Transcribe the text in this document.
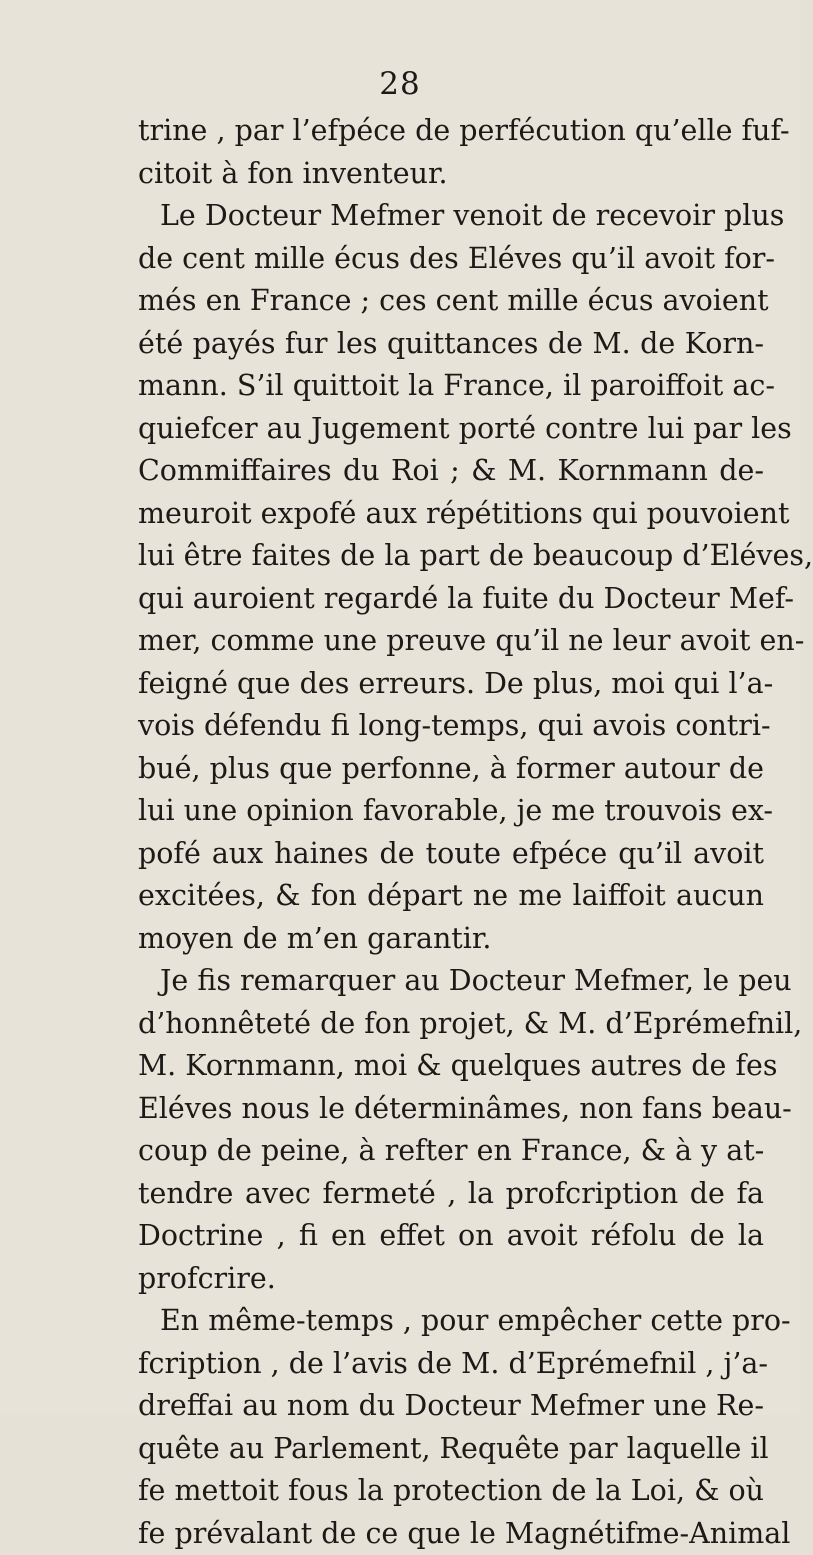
28
trine , par l’efpéce de perfécution qu’elle fuf-
citoit à fon inventeur.
Le Docteur Mefmer venoit de recevoir plus
de cent mille écus des Eléves qu’il avoit for-
més en France ; ces cent mille écus avoient
été payés fur les quittances de M. de Korn-
mann. S’il quittoit la France, il paroiffoit ac-
quiefcer au Jugement porté contre lui par les
Commiffaires du Roi ; & M. Kornmann de-
meuroit expofé aux répétitions qui pouvoient
lui être faites de la part de beaucoup d’Eléves,
qui auroient regardé la fuite du Docteur Mef-
mer, comme une preuve qu’il ne leur avoit en-
feigné que des erreurs. De plus, moi qui l’a-
vois défendu fi long-temps, qui avois contri-
bué, plus que perfonne, à former autour de
lui une opinion favorable, je me trouvois ex-
pofé aux haines de toute efpéce qu’il avoit
excitées, & fon départ ne me laiffoit aucun
moyen de m’en garantir.
Je fis remarquer au Docteur Mefmer, le peu
d’honnêteté de fon projet, & M. d’Eprémefnil,
M. Kornmann, moi & quelques autres de fes
Eléves nous le déterminâmes, non fans beau-
coup de peine, à refter en France, & à y at-
tendre avec fermeté , la profcription de fa
Doctrine , fi en effet on avoit réfolu de la
profcrire.
En même-temps , pour empêcher cette pro-
fcription , de l’avis de M. d’Eprémefnil , j’a-
dreffai au nom du Docteur Mefmer une Re-
quête au Parlement, Requête par laquelle il
fe mettoit fous la protection de la Loi, & où
fe prévalant de ce que le Magnétifme-Animal
